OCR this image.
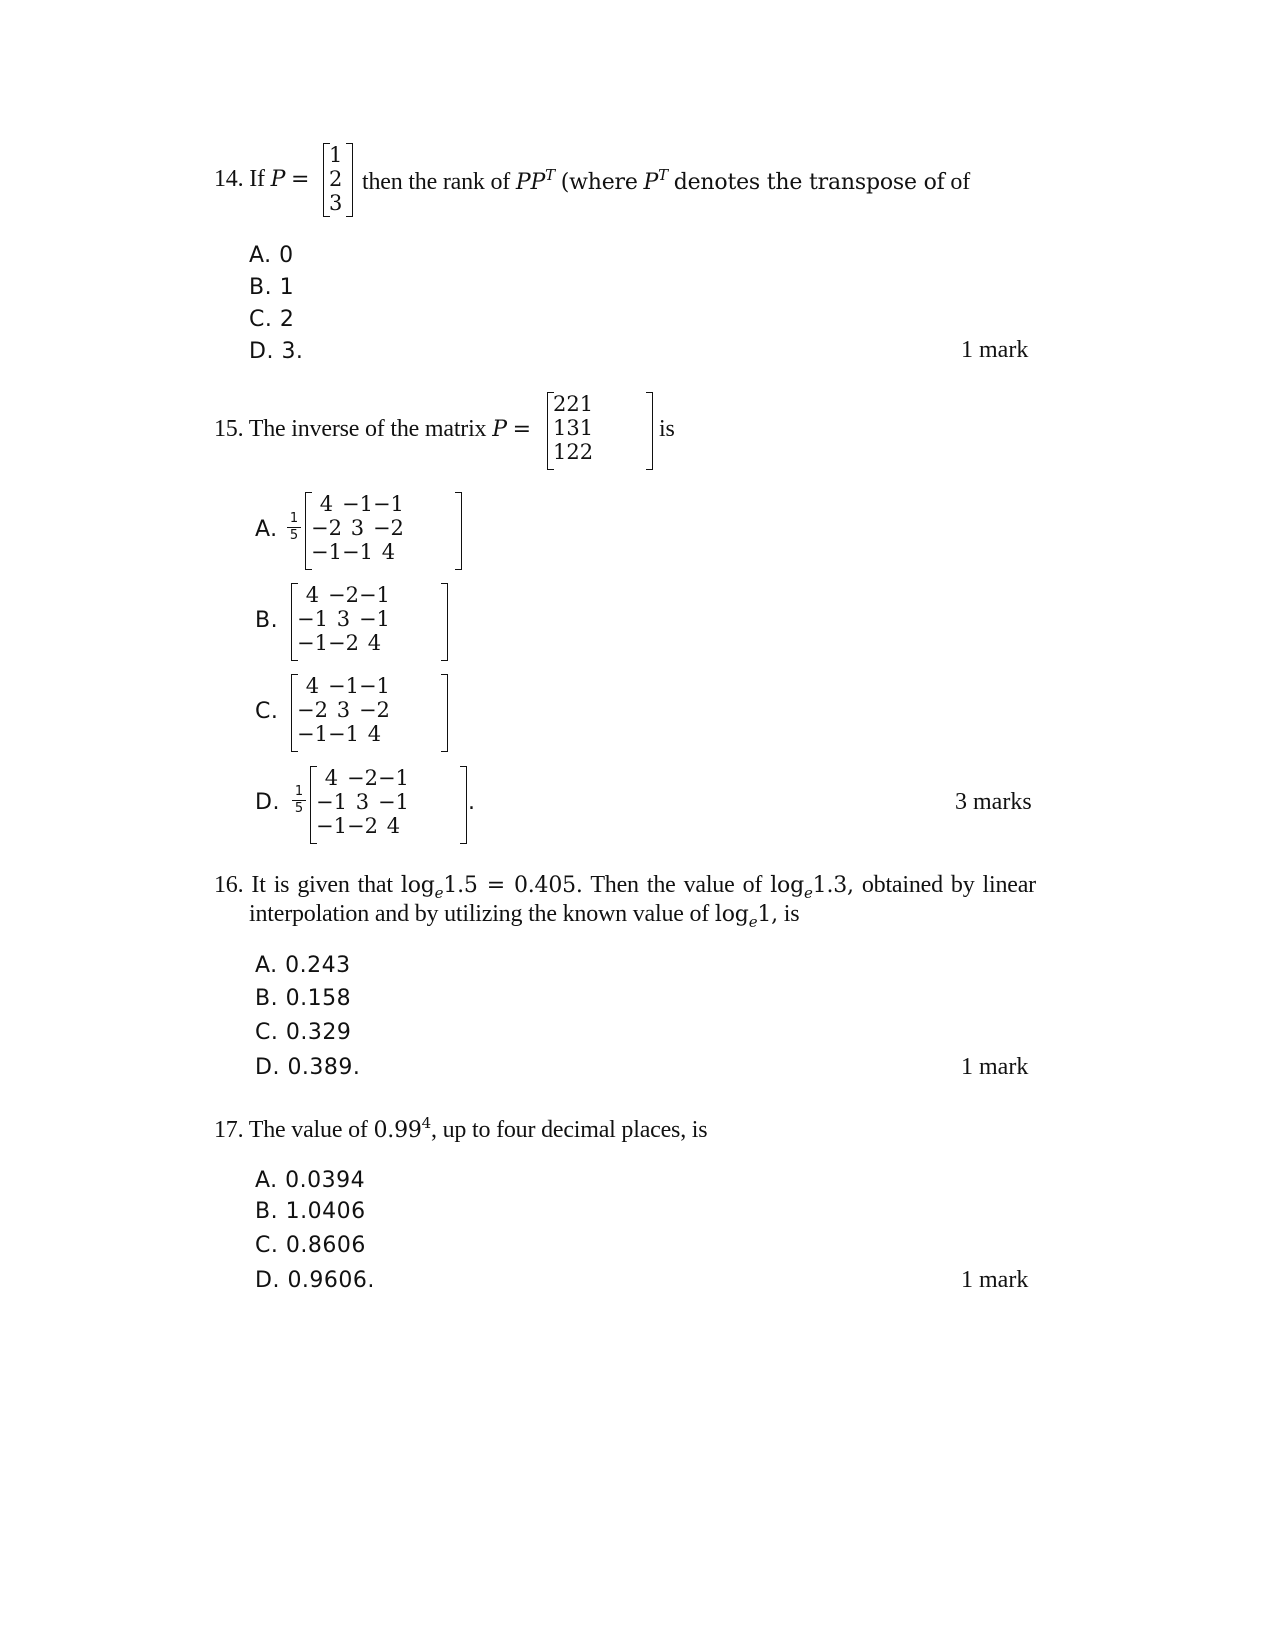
14. If P =
1
2
3
then the rank of $PP^T$ (where $P^T$ denotes the transpose of of
15. The inverse of the matrix P =
2	2	1
1	3	1
1	2	2
is
A. 1
5
4	−1	−1
−2	3	−2
−1	−1	4
B.
4	−2	−1
−1	3	−1
−1	−2	4
C.
4	−1	−1
−2	3	−2
−1	−1	4
D. 1
5
4	−2	−1
−1	3	−1
−1	−2	4
.	3 marks
16. It is given that $\log_e1.5 = 0.405$. Then the value of $\log_e1.3$, obtained by linear
interpolation and by utilizing the known value of $\log_e1$, is
17. The value of 0.99$^4$, up to four decimal places, is
A. 0
B. 1
C. 2
D. 3.	1 mark
A. 0.243
B. 0.158
C. 0.329
D. 0.389.	1 mark
A. 0.0394
B. 1.0406
C. 0.8606
D. 0.9606.	1 mark
